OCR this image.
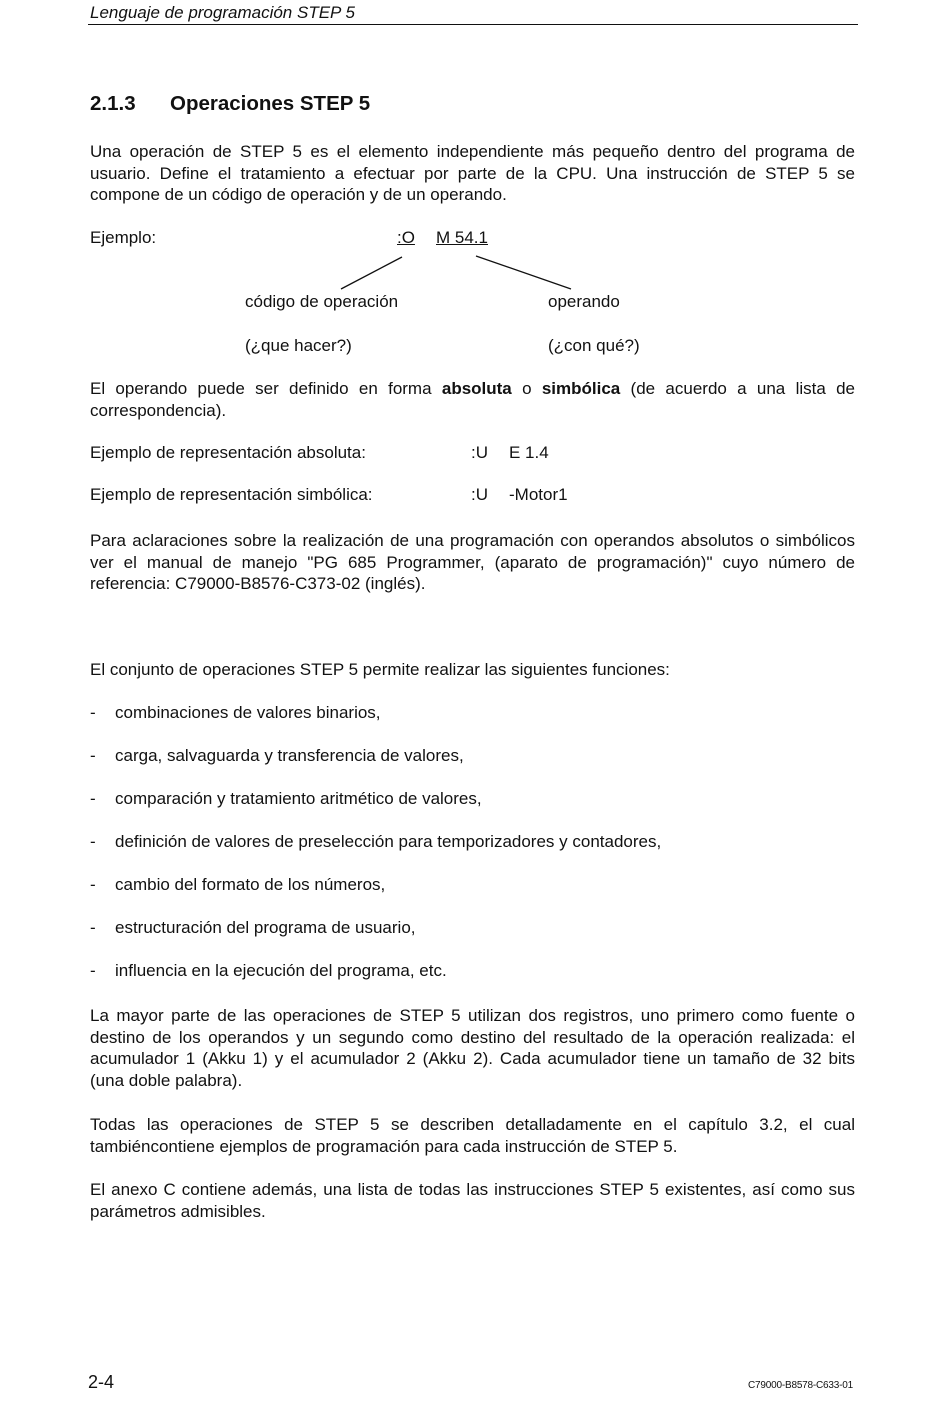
Lenguaje de programación STEP 5
2.1.3 Operaciones STEP 5
Una operación de STEP 5 es el elemento independiente más pequeño dentro del programa de usuario. Define el tratamiento a efectuar por parte de la CPU. Una instrucción de STEP 5 se compone de un código de operación y de un operando.
Ejemplo:	:O M 54.1
código de operación	operando
(¿que hacer?)	(¿con qué?)
El operando puede ser definido en forma absoluta o simbólica (de acuerdo a una lista de correspondencia).
Ejemplo de representación absoluta:	:U E 1.4
Ejemplo de representación simbólica:	:U -Motor1
Para aclaraciones sobre la realización de una programación con operandos absolutos o simbólicos ver el manual de manejo "PG 685 Programmer, (aparato de programación)" cuyo número de referencia: C79000-B8576-C373-02 (inglés).
El conjunto de operaciones STEP 5 permite realizar las siguientes funciones:
- combinaciones de valores binarios,
- carga, salvaguarda y transferencia de valores,
- comparación y tratamiento aritmético de valores,
- definición de valores de preselección para temporizadores y contadores,
- cambio del formato de los números,
- estructuración del programa de usuario,
- influencia en la ejecución del programa, etc.
La mayor parte de las operaciones de STEP 5 utilizan dos registros, uno primero como fuente o destino de los operandos y un segundo como destino del resultado de la operación realizada: el acumulador 1 (Akku 1) y el acumulador 2 (Akku 2). Cada acumulador tiene un tamaño de 32 bits (una doble palabra).
Todas las operaciones de STEP 5 se describen detalladamente en el capítulo 3.2, el cual tambiéncontiene ejemplos de programación para cada instrucción de STEP 5.
El anexo C contiene además, una lista de todas las instrucciones STEP 5 existentes, así como sus parámetros admisibles.
2-4	C79000-B8578-C633-01
